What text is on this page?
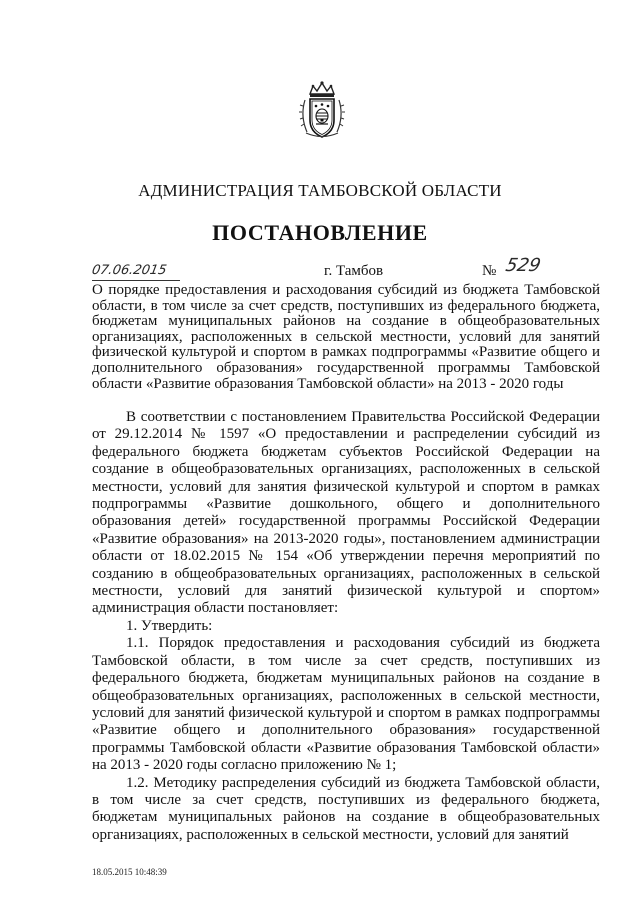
АДМИНИСТРАЦИЯ ТАМБОВСКОЙ ОБЛАСТИ
ПОСТАНОВЛЕНИЕ
07.06.2015	г. Тамбов	№ 529
О порядке предоставления и расходования субсидий из бюджета Тамбовской области, в том числе за счет средств, поступивших из федерального бюджета, бюджетам муниципальных районов на создание в общеобразовательных организациях, расположенных в сельской местности, условий для занятий физической культурой и спортом в рамках подпрограммы «Развитие общего и дополнительного образования» государственной программы Тамбовской области «Развитие образования Тамбовской области» на 2013 - 2020 годы

В соответствии с постановлением Правительства Российской Федерации от 29.12.2014 № 1597 «О предоставлении и распределении субсидий из федерального бюджета бюджетам субъектов Российской Федерации на создание в общеобразовательных организациях, расположенных в сельской местности, условий для занятия физической культурой и спортом в рамках подпрограммы «Развитие дошкольного, общего и дополнительного образования детей» государственной программы Российской Федерации «Развитие образования» на 2013-2020 годы», постановлением администрации области от 18.02.2015 № 154 «Об утверждении перечня мероприятий по созданию в общеобразовательных организациях, расположенных в сельской местности, условий для занятий физической культурой и спортом» администрация области постановляет:

1. Утвердить:

1.1. Порядок предоставления и расходования субсидий из бюджета Тамбовской области, в том числе за счет средств, поступивших из федерального бюджета, бюджетам муниципальных районов на создание в общеобразовательных организациях, расположенных в сельской местности, условий для занятий физической культурой и спортом в рамках подпрограммы «Развитие общего и дополнительного образования» государственной программы Тамбовской области «Развитие образования Тамбовской области» на 2013 - 2020 годы согласно приложению № 1;

1.2. Методику распределения субсидий из бюджета Тамбовской области, в том числе за счет средств, поступивших из федерального бюджета, бюджетам муниципальных районов на создание в общеобразовательных организациях, расположенных в сельской местности, условий для занятий

18.05.2015 10:48:39
